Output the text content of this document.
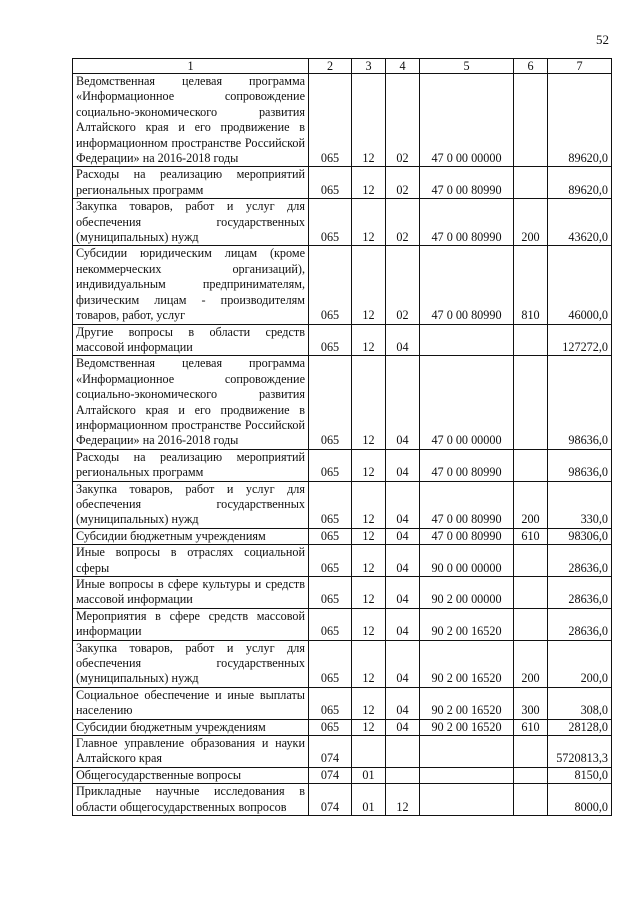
52
1	2	3	4	5	6	7
Ведомственная целевая программа «Информационное сопровождение социально-экономического развития Алтайского края и его продвижение в информационном пространстве Российской Федерации» на 2016-2018 годы	065	12	02	47 0 00 00000		89620,0
Расходы на реализацию мероприятий региональных программ	065	12	02	47 0 00 80990		89620,0
Закупка товаров, работ и услуг для обеспечения государственных (муниципальных) нужд	065	12	02	47 0 00 80990	200	43620,0
Субсидии юридическим лицам (кроме некоммерческих организаций), индивидуальным предпринимателям, физическим лицам - производителям товаров, работ, услуг	065	12	02	47 0 00 80990	810	46000,0
Другие вопросы в области средств массовой информации	065	12	04			127272,0
Ведомственная целевая программа «Информационное сопровождение социально-экономического развития Алтайского края и его продвижение в информационном пространстве Российской Федерации» на 2016-2018 годы	065	12	04	47 0 00 00000		98636,0
Расходы на реализацию мероприятий региональных программ	065	12	04	47 0 00 80990		98636,0
Закупка товаров, работ и услуг для обеспечения государственных (муниципальных) нужд	065	12	04	47 0 00 80990	200	330,0
Субсидии бюджетным учреждениям	065	12	04	47 0 00 80990	610	98306,0
Иные вопросы в отраслях социальной сферы	065	12	04	90 0 00 00000		28636,0
Иные вопросы в сфере культуры и средств массовой информации	065	12	04	90 2 00 00000		28636,0
Мероприятия в сфере средств массовой информации	065	12	04	90 2 00 16520		28636,0
Закупка товаров, работ и услуг для обеспечения государственных (муниципальных) нужд	065	12	04	90 2 00 16520	200	200,0
Социальное обеспечение и иные выплаты населению	065	12	04	90 2 00 16520	300	308,0
Субсидии бюджетным учреждениям	065	12	04	90 2 00 16520	610	28128,0
Главное управление образования и науки Алтайского края	074					5720813,3
Общегосударственные вопросы	074	01				8150,0
Прикладные научные исследования в области общегосударственных вопросов	074	01	12			8000,0
